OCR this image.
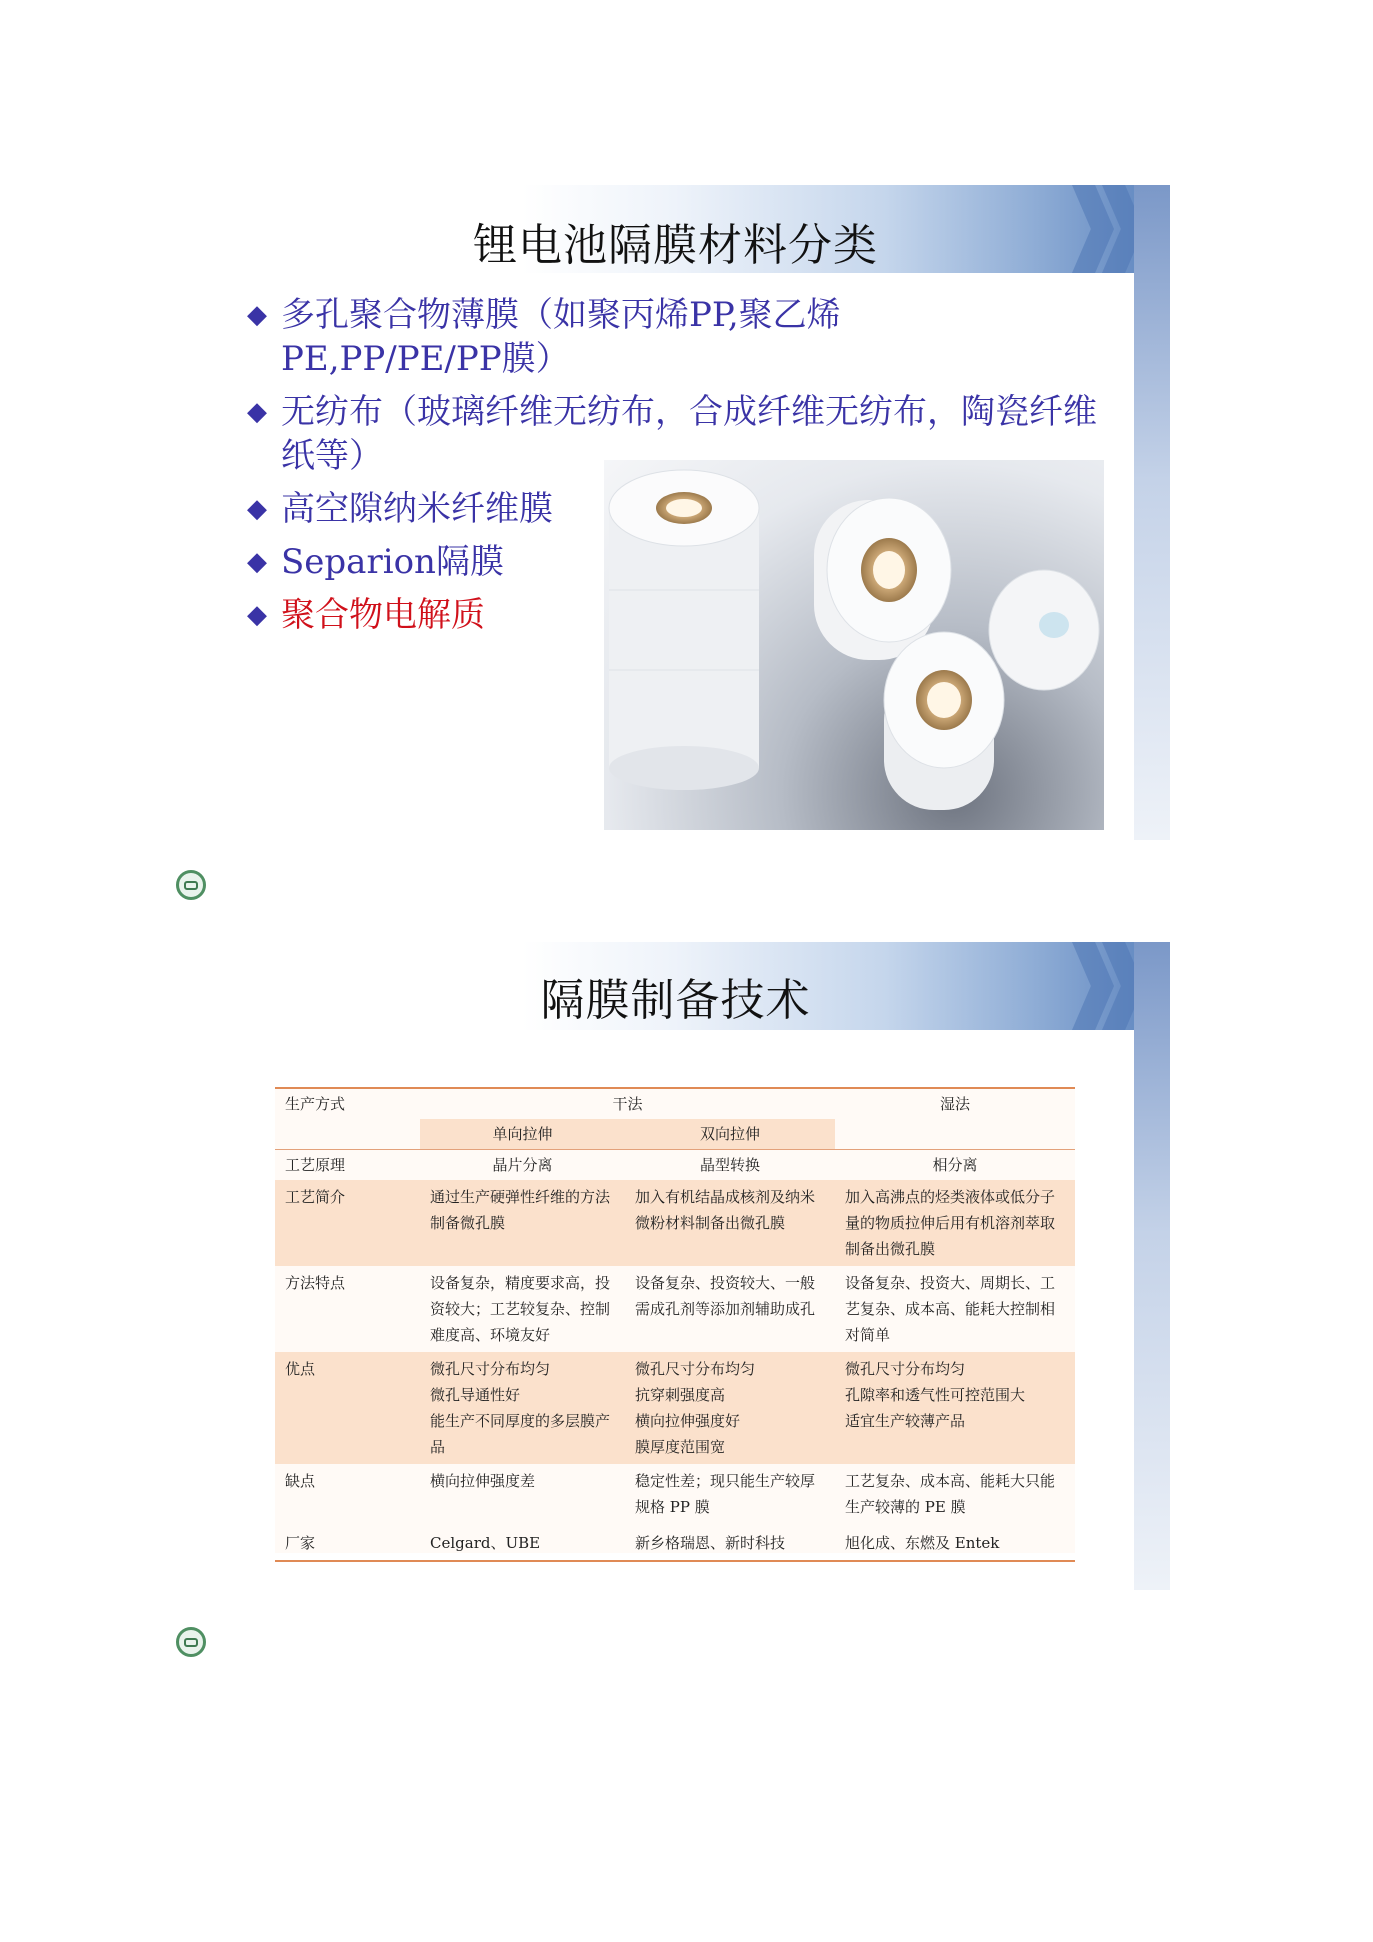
锂电池隔膜材料分类
◆ 多孔聚合物薄膜（如聚丙烯PP,聚乙烯PE,PP/PE/PP膜）
◆ 无纺布（玻璃纤维无纺布，合成纤维无纺布，陶瓷纤维纸等）
◆ 高空隙纳米纤维膜
◆ Separion隔膜
◆ 聚合物电解质
隔膜制备技术
生产方式	干法		湿法
	单向拉伸	双向拉伸	
工艺原理	晶片分离	晶型转换	相分离
工艺简介	通过生产硬弹性纤维的方法制备微孔膜	加入有机结晶成核剂及纳米微粉材料制备出微孔膜	加入高沸点的烃类液体或低分子量的物质拉伸后用有机溶剂萃取制备出微孔膜
方法特点	设备复杂，精度要求高，投资较大；工艺较复杂、控制难度高、环境友好	设备复杂、投资较大、一般需成孔剂等添加剂辅助成孔	设备复杂、投资大、周期长、工艺复杂、成本高、能耗大控制相对简单
优点	微孔尺寸分布均匀
微孔导通性好
能生产不同厚度的多层膜产品	微孔尺寸分布均匀
抗穿刺强度高
横向拉伸强度好
膜厚度范围宽	微孔尺寸分布均匀
孔隙率和透气性可控范围大
适宜生产较薄产品
缺点	横向拉伸强度差	稳定性差；现只能生产较厚规格 PP 膜	工艺复杂、成本高、能耗大只能生产较薄的 PE 膜
厂家	Celgard、UBE	新乡格瑞恩、新时科技	旭化成、东燃及 Entek
